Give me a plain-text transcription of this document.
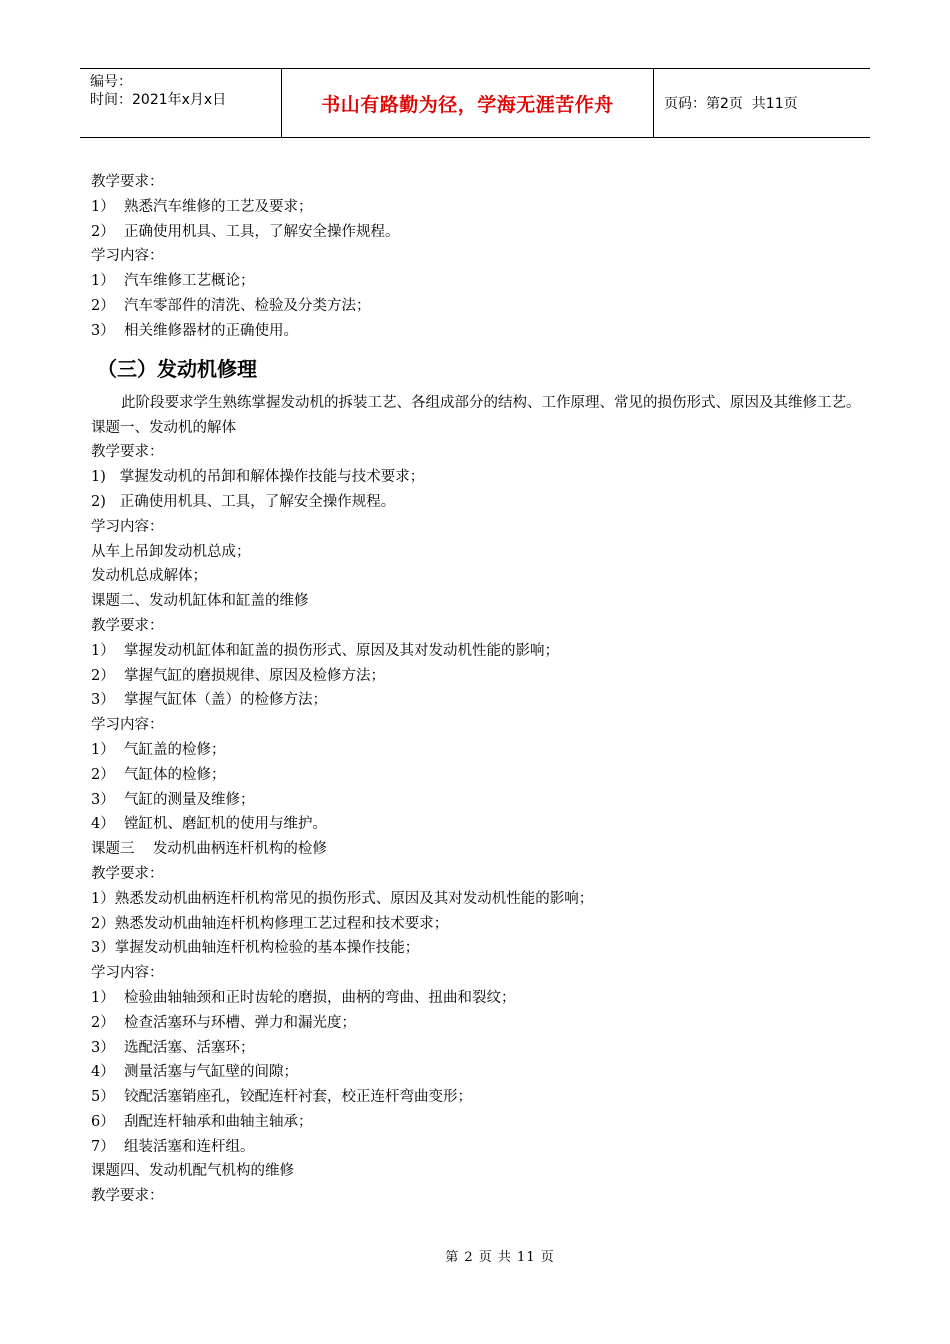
编号：
时间：2021年x月x日	书山有路勤为径，学海无涯苦作舟	页码：第2页  共11页
教学要求：
1）  熟悉汽车维修的工艺及要求；
2）  正确使用机具、工具，了解安全操作规程。
学习内容：
1）  汽车维修工艺概论；
2）  汽车零部件的清洗、检验及分类方法；
3）  相关维修器材的正确使用。
（三）发动机修理
此阶段要求学生熟练掌握发动机的拆装工艺、各组成部分的结构、工作原理、常见的损伤形式、原因及其维修工艺。
课题一、发动机的解体
教学要求：
1)   掌握发动机的吊卸和解体操作技能与技术要求；
2)   正确使用机具、工具，了解安全操作规程。
学习内容：
从车上吊卸发动机总成；
发动机总成解体；
课题二、发动机缸体和缸盖的维修
教学要求：
1）  掌握发动机缸体和缸盖的损伤形式、原因及其对发动机性能的影响；
2）  掌握气缸的磨损规律、原因及检修方法；
3）  掌握气缸体（盖）的检修方法；
学习内容：
1）  气缸盖的检修；
2）  气缸体的检修；
3）  气缸的测量及维修；
4）  镗缸机、磨缸机的使用与维护。
课题三    发动机曲柄连杆机构的检修
教学要求：
1）熟悉发动机曲柄连杆机构常见的损伤形式、原因及其对发动机性能的影响；
2）熟悉发动机曲轴连杆机构修理工艺过程和技术要求；
3）掌握发动机曲轴连杆机构检验的基本操作技能；
学习内容：
1）  检验曲轴轴颈和正时齿轮的磨损，曲柄的弯曲、扭曲和裂纹；
2）  检查活塞环与环槽、弹力和漏光度；
3）  选配活塞、活塞环；
4）  测量活塞与气缸壁的间隙；
5）  铰配活塞销座孔，铰配连杆衬套，校正连杆弯曲变形；
6）  刮配连杆轴承和曲轴主轴承；
7）  组装活塞和连杆组。
课题四、发动机配气机构的维修
教学要求：
第 2 页 共 11 页
